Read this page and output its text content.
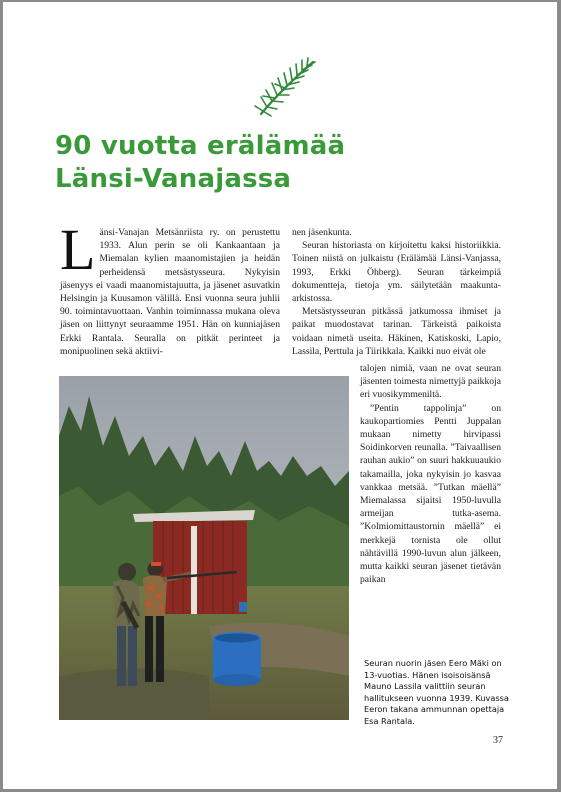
90 vuotta erälämää
Länsi-Vanajassa

Länsi-Vanajan Metsänriista ry. on perustettu 1933. Alun perin se oli Kankaantaan ja Miemalan kylien maanomistajien ja heidän perheidensä metsästysseura. Nykyisin jäsenyys ei vaadi maanomistajuutta, ja jäsenet asuvatkin Helsingin ja Kuusamon välillä. Ensi vuonna seura juhlii 90. toimintavuottaan. Vanhin toiminnassa mukana oleva jäsen on liittynyt seuraamme 1951. Hän on kunniajäsen Erkki Rantala. Seuralla on pitkät perinteet ja monipuolinen sekä aktiivi-

nen jäsenkunta.

Seuran historiasta on kirjoitettu kaksi historiikkia. Toinen niistä on julkaistu (Erälämää Länsi-Vanjassa, 1993, Erkki Öhberg). Seuran tärkeimpiä dokumentteja, tietoja ym. säilytetään maakunta-arkistossa.

Metsästysseuran pitkässä jatkumossa ihmiset ja paikat muodostavat tarinan. Tärkeistä paikoista voidaan nimetä useita. Häkinen, Katiskoski, Lapio, Lassila, Perttula ja Tiirikkala. Kaikki nuo eivät ole

talojen nimiä, vaan ne ovat seuran jäsenten toimesta nimettyjä paikkoja eri vuosikymmeniltä.

”Pentin tappolinja” on kaukopartiomies Pentti Juppalan mukaan nimetty hirvipassi Soidinkorven reunalla. ”Taivaallisen rauhan aukio” on suuri hakkuuaukio takamailla, joka nykyisin jo kasvaa vankkaa metsää. ”Tutkan mäellä” Miemalassa sijaitsi 1950-luvulla armeijan tutka-asema. ”Kolmiomittaustornin mäellä” ei merkkejä tornista ole ollut nähtävillä 1990-luvun alun jälkeen, mutta kaikki seuran jäsenet tietävän paikan

Seuran nuorin jäsen Eero Mäki on

13-vuotias. Hänen isoisoisänsä

Mauno Lassila valittiin seuran

hallitukseen vuonna 1939. Kuvassa

Eeron takana ammunnan opettaja

Esa Rantala.

37
